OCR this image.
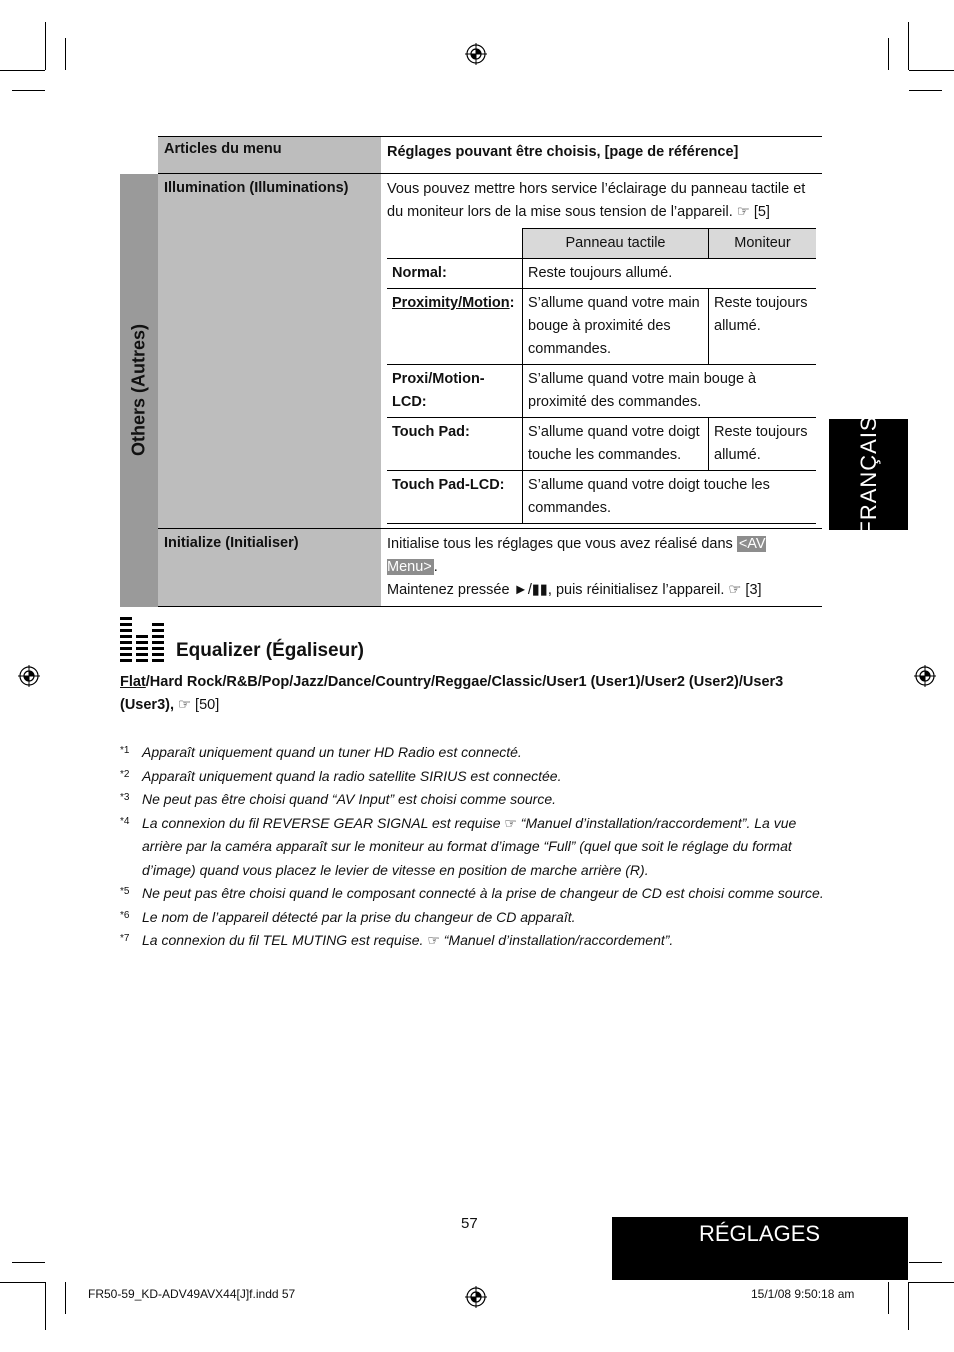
	Articles du menu	Réglages pouvant être choisis, [page de référence]

Others (Autres)
	Illumination (Illuminations)	Vous pouvez mettre hors service l’éclairage du panneau tactile et du moniteur lors de la mise sous tension de l’appareil. ☞ [5]
	Panneau tactile	Moniteur
Normal:	Reste toujours allumé.
Proximity/Motion:	S’allume quand votre main bouge à proximité des commandes.	Reste toujours allumé.
Proxi/Motion-LCD:	S’allume quand votre main bouge à proximité des commandes.
Touch Pad:	S’allume quand votre doigt touche les commandes.	Reste toujours allumé.
Touch Pad-LCD:	S’allume quand votre doigt touche les commandes.

Initialize (Initialiser)	Initialise tous les réglages que vous avez réalisé dans <AV Menu> .
Maintenez pressée ►/▮▮, puis réinitialisez l’appareil. ☞ [3]
FRANÇAIS
Equalizer (Égaliseur)
Flat/Hard Rock/R&B/Pop/Jazz/Dance/Country/Reggae/Classic/User1 (User1)/User2 (User2)/User3 (User3), ☞ [50]
*1 Apparaît uniquement quand un tuner HD Radio est connecté.
*2 Apparaît uniquement quand la radio satellite SIRIUS est connectée.
*3 Ne peut pas être choisi quand “AV Input” est choisi comme source.
*4 La connexion du fil REVERSE GEAR SIGNAL est requise ☞ “Manuel d’installation/raccordement”. La vue arrière par la caméra apparaît sur le moniteur au format d’image “Full” (quel que soit le réglage du format d’image) quand vous placez le levier de vitesse en position de marche arrière (R).
*5 Ne peut pas être choisi quand le composant connecté à la prise de changeur de CD est choisi comme source.
*6 Le nom de l’appareil détecté par la prise du changeur de CD apparaît.
*7 La connexion du fil TEL MUTING est requise. ☞ “Manuel d’installation/raccordement”.
57	RÉGLAGES
FR50-59_KD-ADV49AVX44[J]f.indd 57	15/1/08 9:50:18 am
